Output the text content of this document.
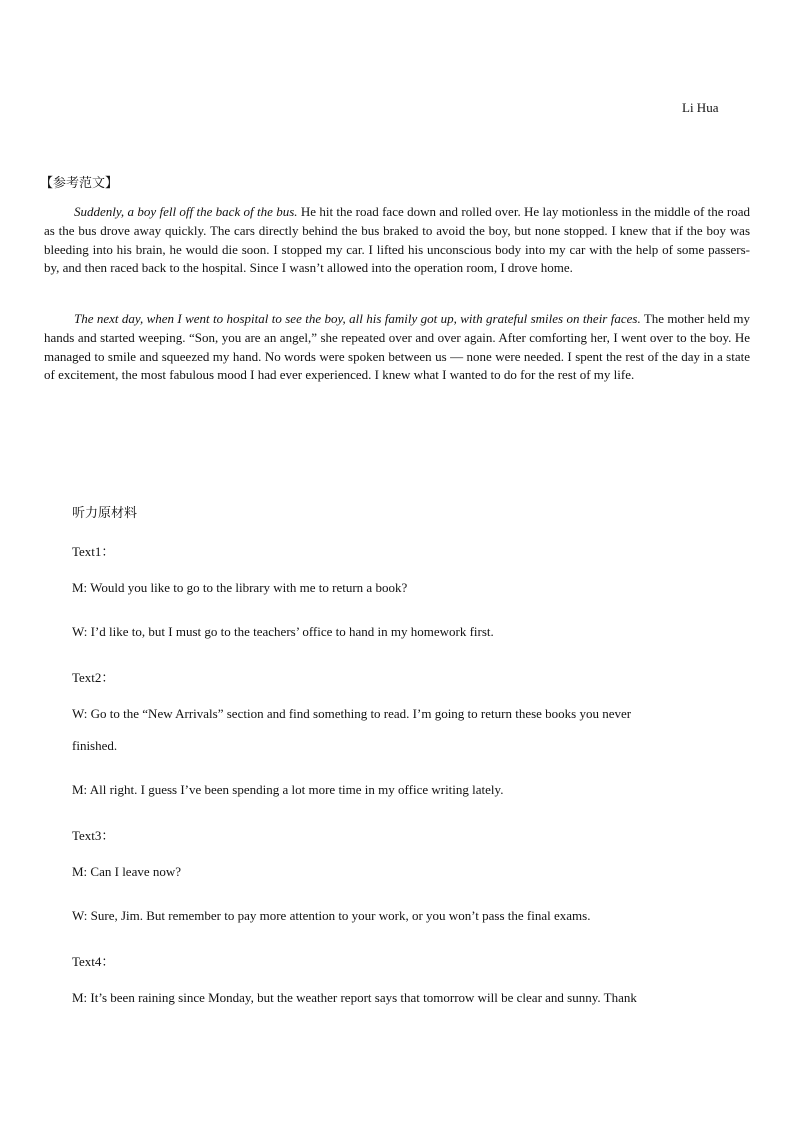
Li Hua
【参考范文】

Suddenly, a boy fell off the back of the bus. He hit the road face down and rolled over. He lay motionless in the middle of the road as the bus drove away quickly. The cars directly behind the bus braked to avoid the boy, but none stopped. I knew that if the boy was bleeding into his brain, he would die soon. I stopped my car. I lifted his unconscious body into my car with the help of some passers-by, and then raced back to the hospital. Since I wasn’t allowed into the operation room, I drove home.

The next day, when I went to hospital to see the boy, all his family got up, with grateful smiles on their faces. The mother held my hands and started weeping. “Son, you are an angel,” she repeated over and over again. After comforting her, I went over to the boy. He managed to smile and squeezed my hand. No words were spoken between us — none were needed. I spent the rest of the day in a state of excitement, the most fabulous mood I had ever experienced. I knew what I wanted to do for the rest of my life.

听力原材料
Text1：
M: Would you like to go to the library with me to return a book?
W: I’d like to, but I must go to the teachers’ office to hand in my homework first.
Text2：
W: Go to the “New Arrivals” section and find something to read. I’m going to return these books you never
finished.
M: All right. I guess I’ve been spending a lot more time in my office writing lately.
Text3：
M: Can I leave now?
W: Sure, Jim. But remember to pay more attention to your work, or you won’t pass the final exams.
Text4：
M: It’s been raining since Monday, but the weather report says that tomorrow will be clear and sunny. Thank
